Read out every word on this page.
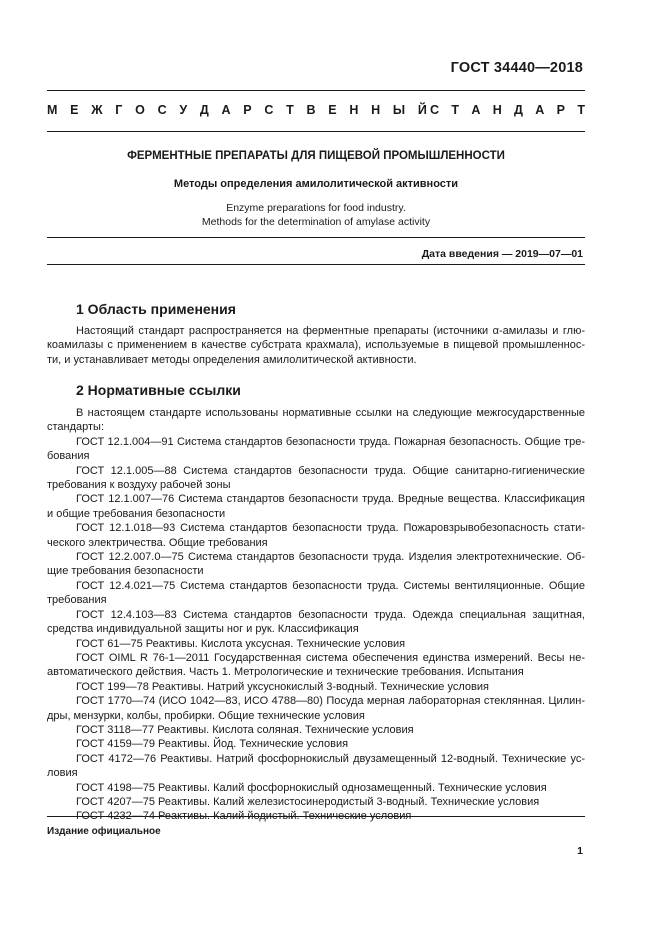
ГОСТ 34440—2018
М Е Ж Г О С У Д А Р С Т В Е Н Н Ы Й С Т А Н Д А Р Т
ФЕРМЕНТНЫЕ ПРЕПАРАТЫ ДЛЯ ПИЩЕВОЙ ПРОМЫШЛЕННОСТИ
Методы определения амилолитической активности
Enzyme preparations for food industry.
Methods for the determination of amylase activity
Дата введения — 2019—07—01
1 Область применения
Настоящий стандарт распространяется на ферментные препараты (источники α-амилазы и глю-
коамилазы с применением в качестве субстрата крахмала), используемые в пищевой промышленнос-
ти, и устанавливает методы определения амилолитической активности.
2 Нормативные ссылки
В настоящем стандарте использованы нормативные ссылки на следующие межгосударственные
стандарты:
ГОСТ 12.1.004—91 Система стандартов безопасности труда. Пожарная безопасность. Общие тре-
бования
ГОСТ 12.1.005—88 Система стандартов безопасности труда. Общие санитарно-гигиенические
требования к воздуху рабочей зоны
ГОСТ 12.1.007—76 Система стандартов безопасности труда. Вредные вещества. Классификация
и общие требования безопасности
ГОСТ 12.1.018—93 Система стандартов безопасности труда. Пожаровзрывобезопасность стати-
ческого электричества. Общие требования
ГОСТ 12.2.007.0—75 Система стандартов безопасности труда. Изделия электротехнические. Об-
щие требования безопасности
ГОСТ 12.4.021—75 Система стандартов безопасности труда. Системы вентиляционные. Общие
требования
ГОСТ 12.4.103—83 Система стандартов безопасности труда. Одежда специальная защитная,
средства индивидуальной защиты ног и рук. Классификация
ГОСТ 61—75 Реактивы. Кислота уксусная. Технические условия
ГОСТ OIML R 76-1—2011 Государственная система обеспечения единства измерений. Весы не-
автоматического действия. Часть 1. Метрологические и технические требования. Испытания
ГОСТ 199—78 Реактивы. Натрий уксуснокислый 3-водный. Технические условия
ГОСТ 1770—74 (ИСО 1042—83, ИСО 4788—80) Посуда мерная лабораторная стеклянная. Цилин-
дры, мензурки, колбы, пробирки. Общие технические условия
ГОСТ 3118—77 Реактивы. Кислота соляная. Технические условия
ГОСТ 4159—79 Реактивы. Йод. Технические условия
ГОСТ 4172—76 Реактивы. Натрий фосфорнокислый двузамещенный 12-водный. Технические ус-
ловия
ГОСТ 4198—75 Реактивы. Калий фосфорнокислый однозамещенный. Технические условия
ГОСТ 4207—75 Реактивы. Калий железистосинеродистый 3-водный. Технические условия
ГОСТ 4232—74 Реактивы. Калий йодистый. Технические условия
Издание официальное
1
